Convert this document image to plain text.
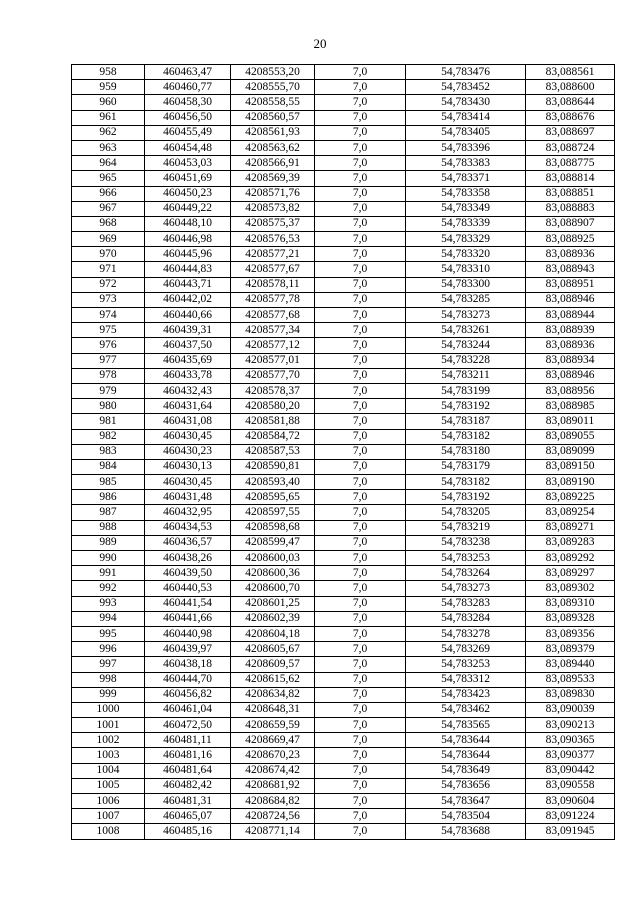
20
958	460463,47	4208553,20	7,0	54,783476	83,088561
959	460460,77	4208555,70	7,0	54,783452	83,088600
960	460458,30	4208558,55	7,0	54,783430	83,088644
961	460456,50	4208560,57	7,0	54,783414	83,088676
962	460455,49	4208561,93	7,0	54,783405	83,088697
963	460454,48	4208563,62	7,0	54,783396	83,088724
964	460453,03	4208566,91	7,0	54,783383	83,088775
965	460451,69	4208569,39	7,0	54,783371	83,088814
966	460450,23	4208571,76	7,0	54,783358	83,088851
967	460449,22	4208573,82	7,0	54,783349	83,088883
968	460448,10	4208575,37	7,0	54,783339	83,088907
969	460446,98	4208576,53	7,0	54,783329	83,088925
970	460445,96	4208577,21	7,0	54,783320	83,088936
971	460444,83	4208577,67	7,0	54,783310	83,088943
972	460443,71	4208578,11	7,0	54,783300	83,088951
973	460442,02	4208577,78	7,0	54,783285	83,088946
974	460440,66	4208577,68	7,0	54,783273	83,088944
975	460439,31	4208577,34	7,0	54,783261	83,088939
976	460437,50	4208577,12	7,0	54,783244	83,088936
977	460435,69	4208577,01	7,0	54,783228	83,088934
978	460433,78	4208577,70	7,0	54,783211	83,088946
979	460432,43	4208578,37	7,0	54,783199	83,088956
980	460431,64	4208580,20	7,0	54,783192	83,088985
981	460431,08	4208581,88	7,0	54,783187	83,089011
982	460430,45	4208584,72	7,0	54,783182	83,089055
983	460430,23	4208587,53	7,0	54,783180	83,089099
984	460430,13	4208590,81	7,0	54,783179	83,089150
985	460430,45	4208593,40	7,0	54,783182	83,089190
986	460431,48	4208595,65	7,0	54,783192	83,089225
987	460432,95	4208597,55	7,0	54,783205	83,089254
988	460434,53	4208598,68	7,0	54,783219	83,089271
989	460436,57	4208599,47	7,0	54,783238	83,089283
990	460438,26	4208600,03	7,0	54,783253	83,089292
991	460439,50	4208600,36	7,0	54,783264	83,089297
992	460440,53	4208600,70	7,0	54,783273	83,089302
993	460441,54	4208601,25	7,0	54,783283	83,089310
994	460441,66	4208602,39	7,0	54,783284	83,089328
995	460440,98	4208604,18	7,0	54,783278	83,089356
996	460439,97	4208605,67	7,0	54,783269	83,089379
997	460438,18	4208609,57	7,0	54,783253	83,089440
998	460444,70	4208615,62	7,0	54,783312	83,089533
999	460456,82	4208634,82	7,0	54,783423	83,089830
1000	460461,04	4208648,31	7,0	54,783462	83,090039
1001	460472,50	4208659,59	7,0	54,783565	83,090213
1002	460481,11	4208669,47	7,0	54,783644	83,090365
1003	460481,16	4208670,23	7,0	54,783644	83,090377
1004	460481,64	4208674,42	7,0	54,783649	83,090442
1005	460482,42	4208681,92	7,0	54,783656	83,090558
1006	460481,31	4208684,82	7,0	54,783647	83,090604
1007	460465,07	4208724,56	7,0	54,783504	83,091224
1008	460485,16	4208771,14	7,0	54,783688	83,091945
